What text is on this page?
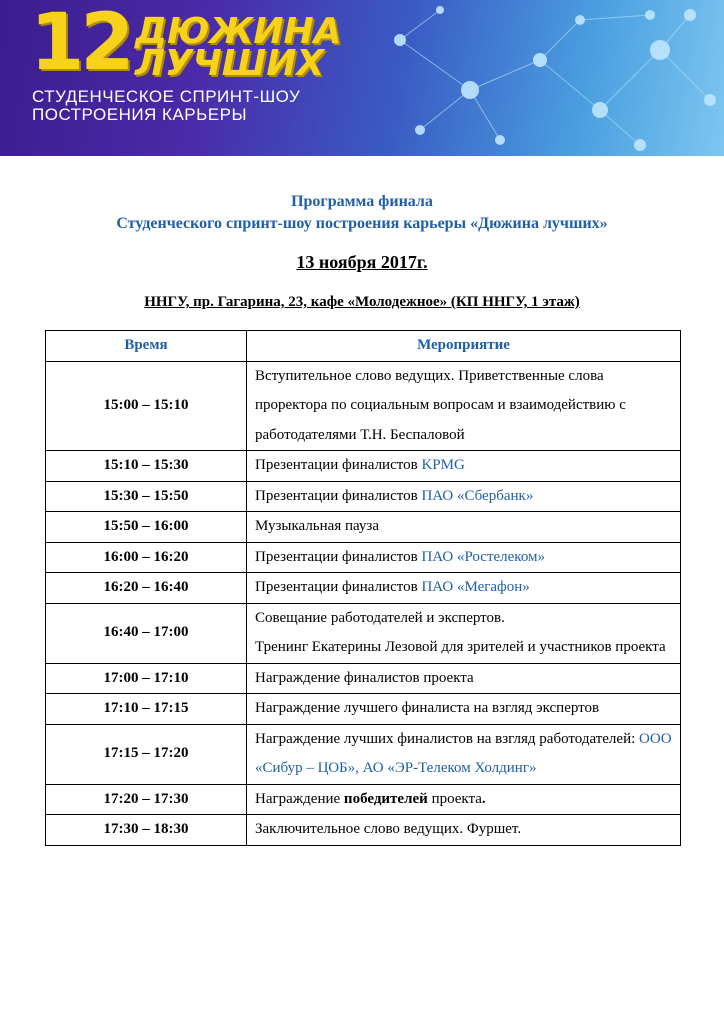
12 ДЮЖИНА
ЛУЧШИХ
СТУДЕНЧЕСКОЕ СПРИНТ-ШОУ
ПОСТРОЕНИЯ КАРЬЕРЫ
Программа финала
Студенческого спринт-шоу построения карьеры «Дюжина лучших»
13 ноября 2017г.
ННГУ, пр. Гагарина, 23, кафе «Молодежное» (КП ННГУ, 1 этаж)
Время	Мероприятие
15:00 – 15:10	Вступительное слово ведущих. Приветственные слова проректора по социальным вопросам и взаимодействию с работодателями Т.Н. Беспаловой
15:10 – 15:30	Презентации финалистов KPMG
15:30 – 15:50	Презентации финалистов ПАО «Сбербанк»
15:50 – 16:00	Музыкальная пауза
16:00 – 16:20	Презентации финалистов ПАО «Ростелеком»
16:20 – 16:40	Презентации финалистов ПАО «Мегафон»
16:40 – 17:00	Совещание работодателей и экспертов.
Тренинг Екатерины Лезовой для зрителей и участников проекта

17:00 – 17:10	Награждение финалистов проекта
17:10 – 17:15	Награждение лучшего финалиста на взгляд экспертов
17:15 – 17:20	Награждение лучших финалистов на взгляд работодателей: ООО «Сибур – ЦОБ», АО «ЭР-Телеком Холдинг»
17:20 – 17:30	Награждение победителей проекта.
17:30 – 18:30	Заключительное слово ведущих. Фуршет.
